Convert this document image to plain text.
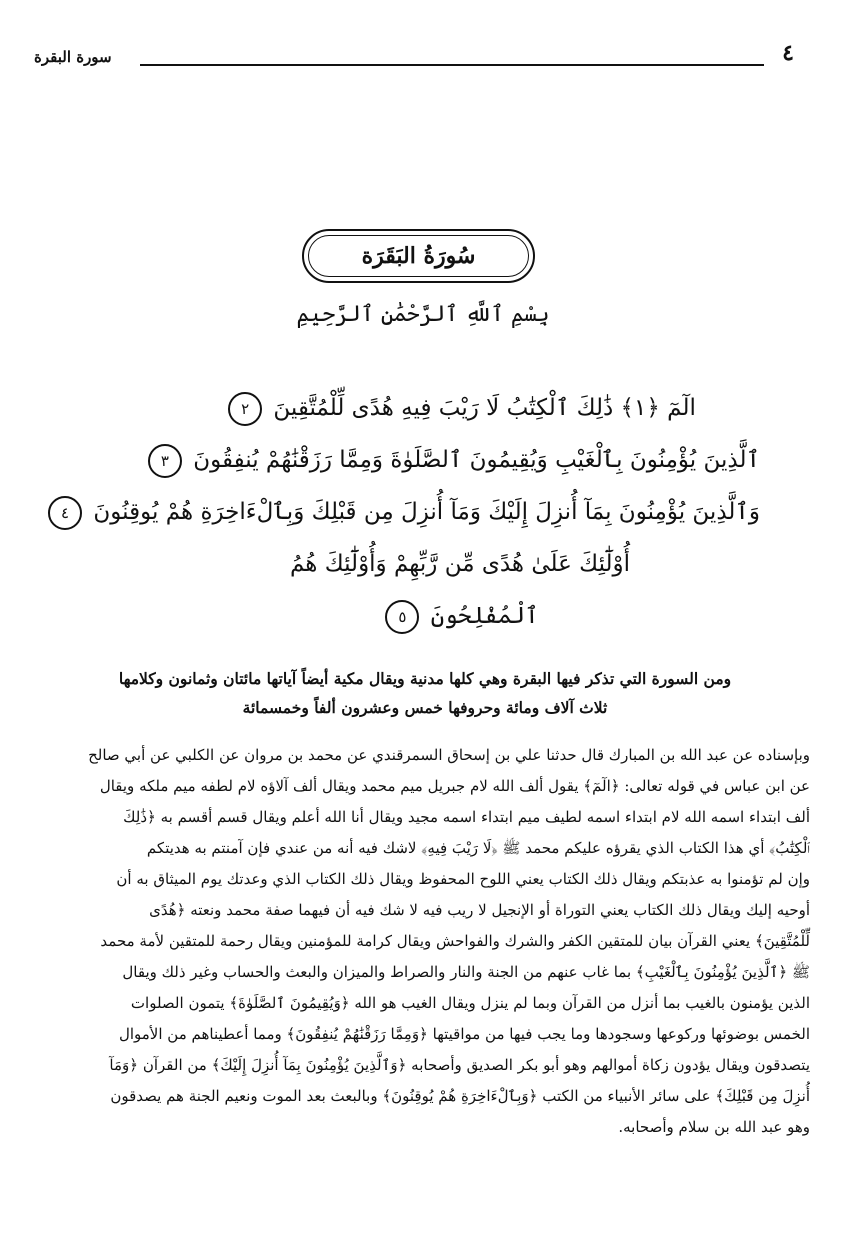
٤
سورة البقرة
سُورَةُ البَقَرَة
بِسْمِ ٱللَّهِ ٱلرَّحْمَٰنِ ٱلرَّحِيمِ
الٓمٓ ﴿١﴾ ذَٰلِكَ ٱلْكِتَٰبُ لَا رَيْبَ فِيهِ هُدًى لِّلْمُتَّقِينَ ٢
ٱلَّذِينَ يُؤْمِنُونَ بِٱلْغَيْبِ وَيُقِيمُونَ ٱلصَّلَوٰةَ وَمِمَّا رَزَقْنَٰهُمْ يُنفِقُونَ ٣
وَٱلَّذِينَ يُؤْمِنُونَ بِمَآ أُنزِلَ إِلَيْكَ وَمَآ أُنزِلَ مِن قَبْلِكَ وَبِٱلْءَاخِرَةِ هُمْ يُوقِنُونَ ٤
أُوْلَٰٓئِكَ عَلَىٰ هُدًى مِّن رَّبِّهِمْ وَأُوْلَٰٓئِكَ هُمُ
ٱلْمُفْلِحُونَ ٥
ومن السورة التي تذكر فيها البقرة وهي كلها مدنية ويقال مكية أيضاً آياتها مائتان وثمانون وكلامها
ثلاث آلاف ومائة وحروفها خمس وعشرون ألفاً وخمسمائة

وبإسناده عن عبد الله بن المبارك قال حدثنا علي بن إسحاق السمرقندي عن محمد بن مروان عن الكلبي عن أبي صالح

عن ابن عباس في قوله تعالى: ﴿الٓمٓ﴾ يقول ألف الله لام جبريل ميم محمد ويقال ألف آلاؤه لام لطفه ميم ملكه ويقال

ألف ابتداء اسمه الله لام ابتداء اسمه لطيف ميم ابتداء اسمه مجيد ويقال أنا الله أعلم ويقال قسم أقسم به ﴿ذَٰلِكَ

ٱلْكِتَٰبُ﴾ أي هذا الكتاب الذي يقرؤه عليكم محمد ﷺ ﴿لَا رَيْبَ فِيهِ﴾ لاشك فيه أنه من عندي فإن آمنتم به هديتكم

وإن لم تؤمنوا به عذبتكم ويقال ذلك الكتاب يعني اللوح المحفوظ ويقال ذلك الكتاب الذي وعدتك يوم الميثاق به أن

أوحيه إليك ويقال ذلك الكتاب يعني التوراة أو الإنجيل لا ريب فيه لا شك فيه أن فيهما صفة محمد ونعته ﴿هُدًى

لِّلْمُتَّقِينَ﴾ يعني القرآن بيان للمتقين الكفر والشرك والفواحش ويقال كرامة للمؤمنين ويقال رحمة للمتقين لأمة محمد

ﷺ ﴿ٱلَّذِينَ يُؤْمِنُونَ بِٱلْغَيْبِ﴾ بما غاب عنهم من الجنة والنار والصراط والميزان والبعث والحساب وغير ذلك ويقال

الذين يؤمنون بالغيب بما أنزل من القرآن وبما لم ينزل ويقال الغيب هو الله ﴿وَيُقِيمُونَ ٱلصَّلَوٰةَ﴾ يتمون الصلوات

الخمس بوضوئها وركوعها وسجودها وما يجب فيها من مواقيتها ﴿وَمِمَّا رَزَقْنَٰهُمْ يُنفِقُونَ﴾ ومما أعطيناهم من الأموال

يتصدقون ويقال يؤدون زكاة أموالهم وهو أبو بكر الصديق وأصحابه ﴿وَٱلَّذِينَ يُؤْمِنُونَ بِمَآ أُنزِلَ إِلَيْكَ﴾ من القرآن ﴿وَمَآ

أُنزِلَ مِن قَبْلِكَ﴾ على سائر الأنبياء من الكتب ﴿وَبِٱلْءَاخِرَةِ هُمْ يُوقِنُونَ﴾ وبالبعث بعد الموت ونعيم الجنة هم يصدقون

وهو عبد الله بن سلام وأصحابه.
